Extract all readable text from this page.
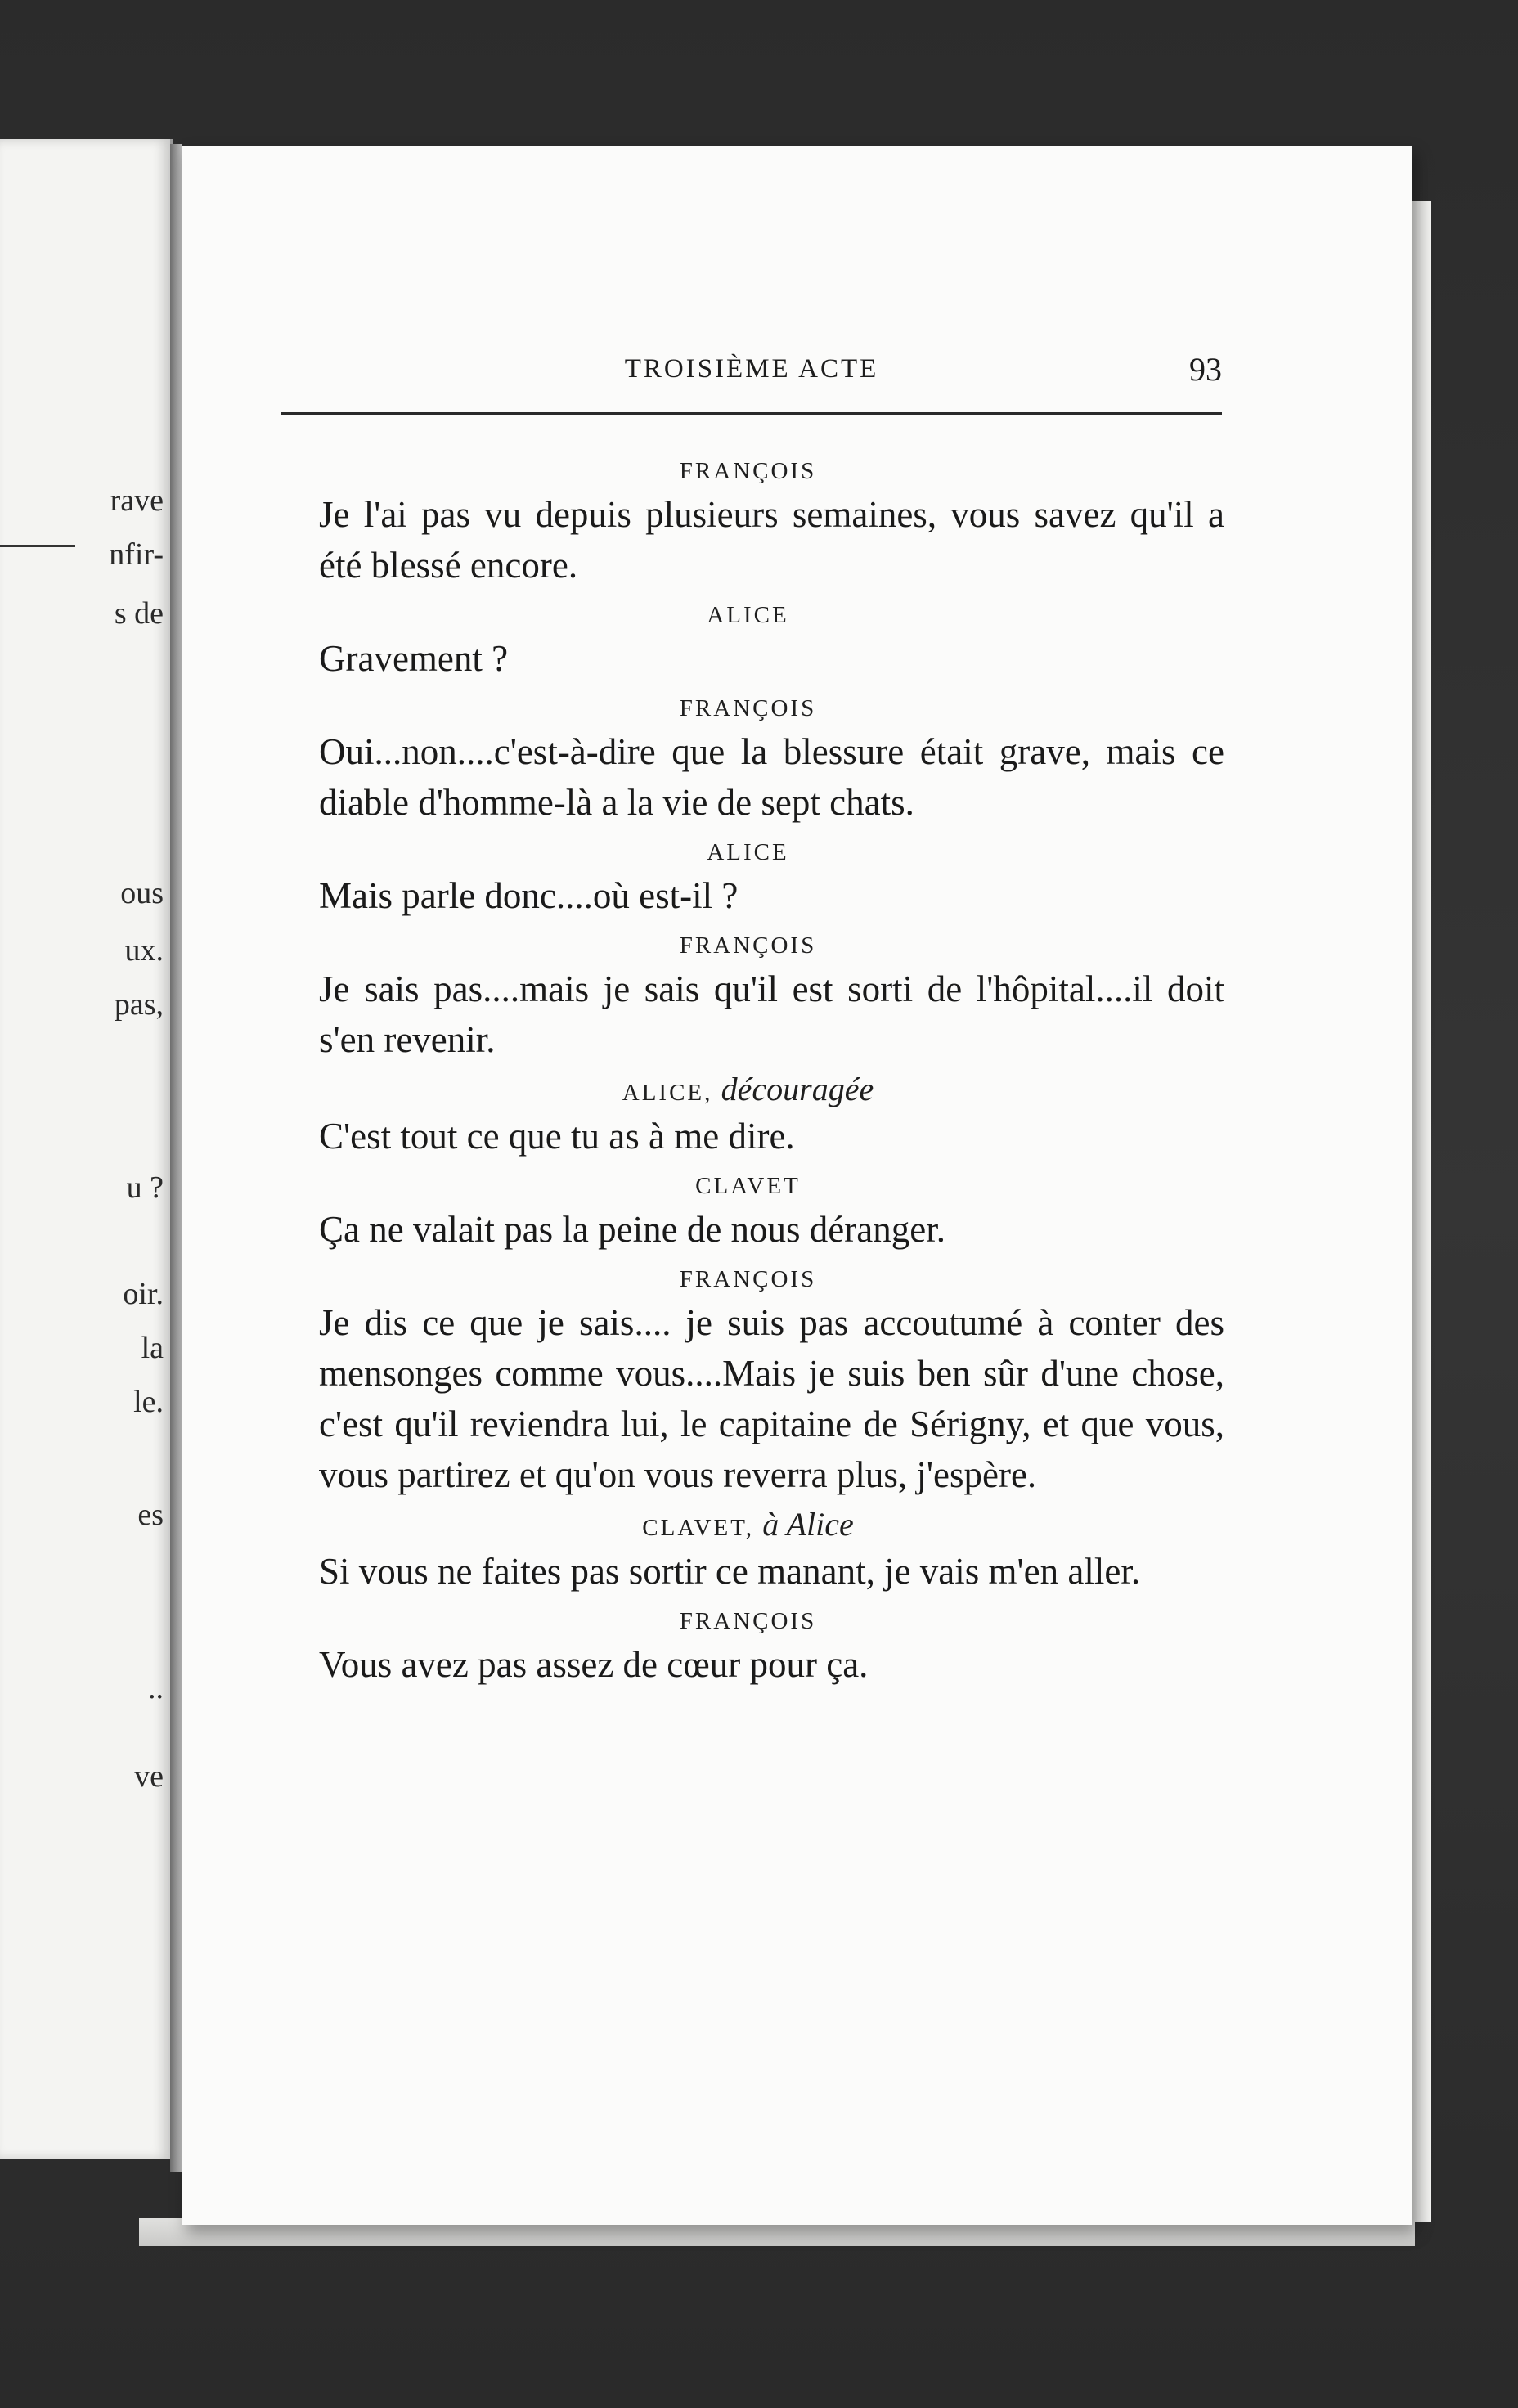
rave
nfir-
s de
ous
ux.
pas,
u ?
oir.
la
le.
es
..
ve
TROISIÈME ACTE	93

FRANÇOIS

Je l'ai pas vu depuis plusieurs semaines, vous savez qu'il a été blessé encore.

ALICE

Gravement ?

FRANÇOIS

Oui...non....c'est-à-dire que la blessure était grave, mais ce diable d'homme-là a la vie de sept chats.

ALICE

Mais parle donc....où est-il ?

FRANÇOIS

Je sais pas....mais je sais qu'il est sorti de l'hôpital....il doit s'en revenir.

ALICE, découragée

C'est tout ce que tu as à me dire.

CLAVET

Ça ne valait pas la peine de nous déranger.

FRANÇOIS

Je dis ce que je sais.... je suis pas accoutumé à conter des mensonges comme vous....Mais je suis ben sûr d'une chose, c'est qu'il reviendra lui, le capitaine de Sérigny, et que vous, vous partirez et qu'on vous reverra plus, j'espère.

CLAVET, à Alice

Si vous ne faites pas sortir ce manant, je vais m'en aller.

FRANÇOIS

Vous avez pas assez de cœur pour ça.
